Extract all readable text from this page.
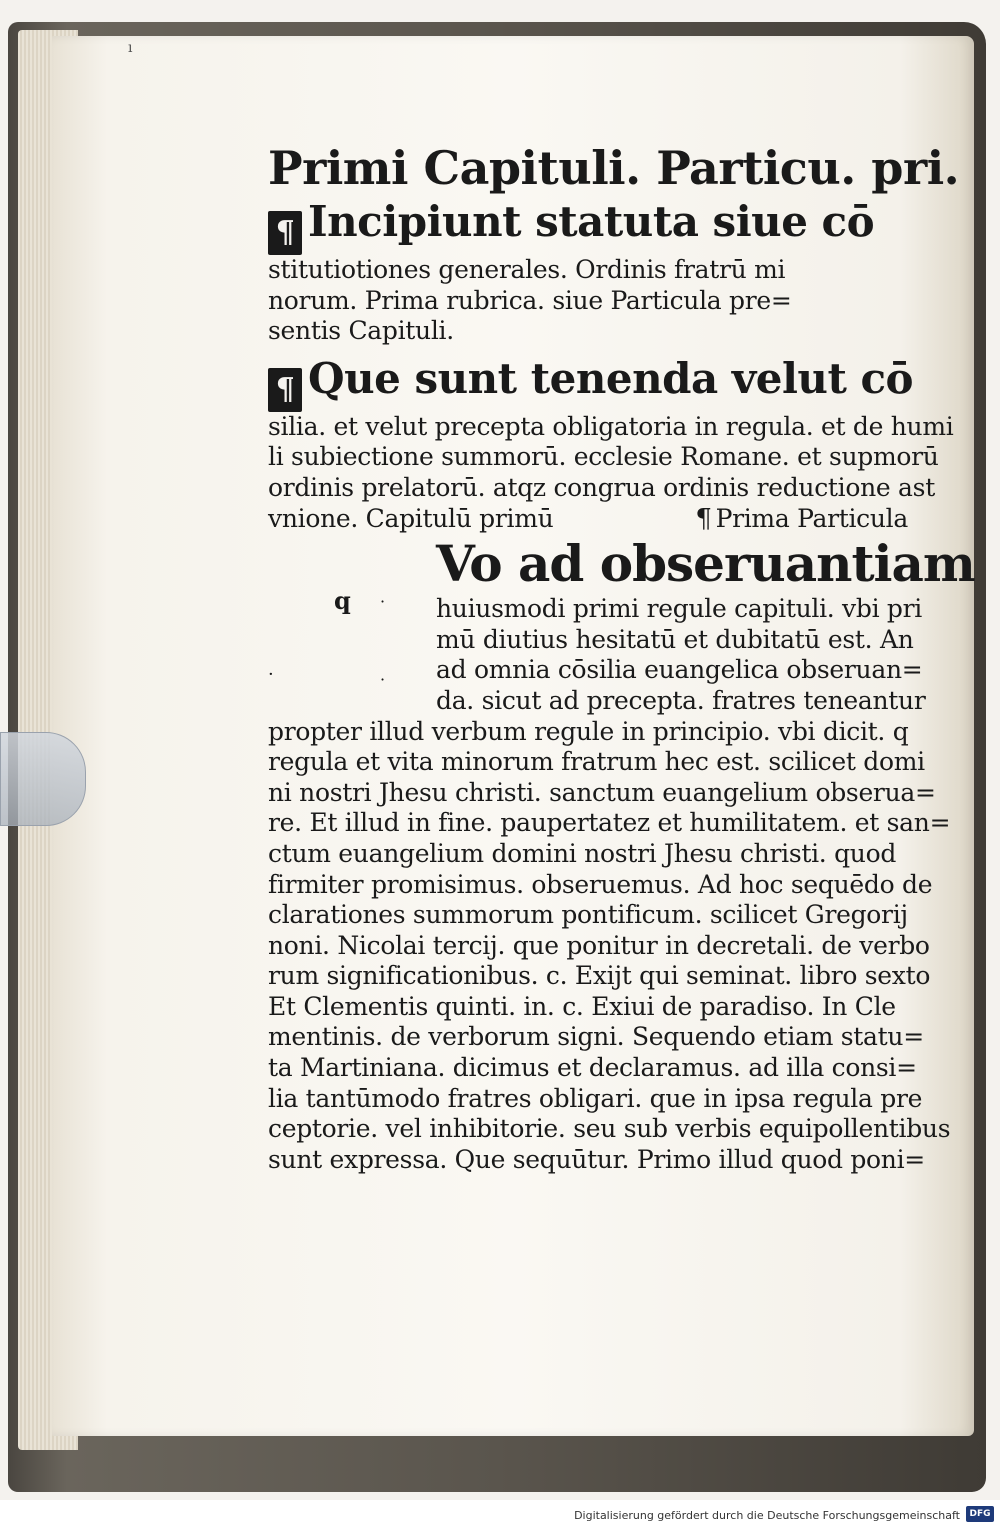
ı
Primi Capituli. Particu. pri.
¶ Incipiunt statuta siue cō
stitutiotiones generales. Ordinis fratrū mi
norum. Prima rubrica. siue Particula pre=
sentis Capituli.
¶ Que sunt tenenda velut cō
silia. et velut precepta obligatoria in regula. et de humi
li subiectione summorū. ecclesie Romane. et supmorū
ordinis prelatorū. atqz congrua ordinis reductione ast
vnione. Capitulū primū	¶ Prima Particula
q ·
·
·
Vo ad obseruantiam
huiusmodi primi regule capituli. vbi pri
mū diutius hesitatū et dubitatū est. An
ad omnia cōsilia euangelica obseruan=
da. sicut ad precepta. fratres teneantur
propter illud verbum regule in principio. vbi dicit. q
regula et vita minorum fratrum hec est. scilicet domi
ni nostri Jhesu christi. sanctum euangelium obserua=
re. Et illud in fine. paupertatez et humilitatem. et san=
ctum euangelium domini nostri Jhesu christi. quod
firmiter promisimus. obseruemus. Ad hoc sequēdo de
clarationes summorum pontificum. scilicet Gregorij
noni. Nicolai tercij. que ponitur in decretali. de verbo
rum significationibus. c. Exijt qui seminat. libro sexto
Et Clementis quinti. in. c. Exiui de paradiso. In Cle
mentinis. de verborum signi. Sequendo etiam statu=
ta Martiniana. dicimus et declaramus. ad illa consi=
lia tantūmodo fratres obligari. que in ipsa regula pre
ceptorie. vel inhibitorie. seu sub verbis equipollentibus
sunt expressa. Que sequūtur. Primo illud quod poni=
Digitalisierung gefördert durch die Deutsche Forschungsgemeinschaft	DFG
